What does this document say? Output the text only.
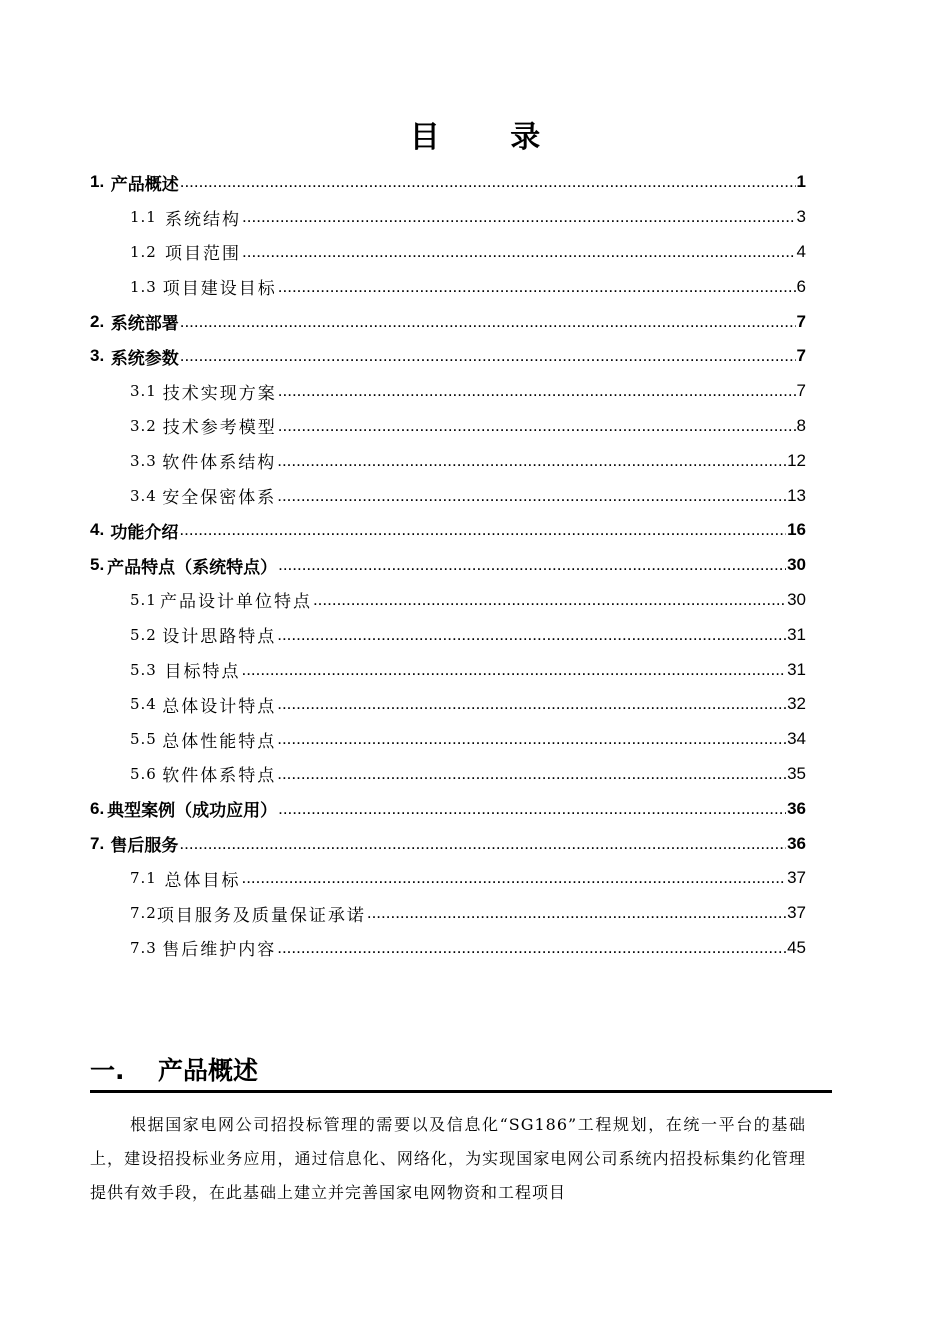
目 录
1. 产品概述 .....	1
1.1 系统结构 .....	3
1.2 项目范围 .....	4
1.3 项目建设目标 .....	6
2. 系统部署 .....	7
3. 系统参数 .....	7
3.1 技术实现方案 .....	7
3.2 技术参考模型 .....	8
3.3 软件体系结构 .....	12
3.4 安全保密体系 .....	13
4. 功能介绍 .....	16
5. 产品特点（系统特点） .....	30
5.1 产品设计单位特点 .....	30
5.2 设计思路特点 .....	31
5.3 目标特点 .....	31
5.4 总体设计特点 .....	32
5.5 总体性能特点 .....	34
5.6 软件体系特点 .....	35
6. 典型案例（成功应用） .....	36
7. 售后服务 .....	36
7.1 总体目标 .....	37
7.2 项目服务及质量保证承诺 .....	37
7.3 售后维护内容 .....	45
一. 产品概述
根据国家电网公司招投标管理的需要以及信息化“SG186”工程规划，在统一平台的基础上，建设招投标业务应用，通过信息化、网络化，为实现国家电网公司系统内招投标集约化管理提供有效手段，在此基础上建立并完善国家电网物资和工程项目
